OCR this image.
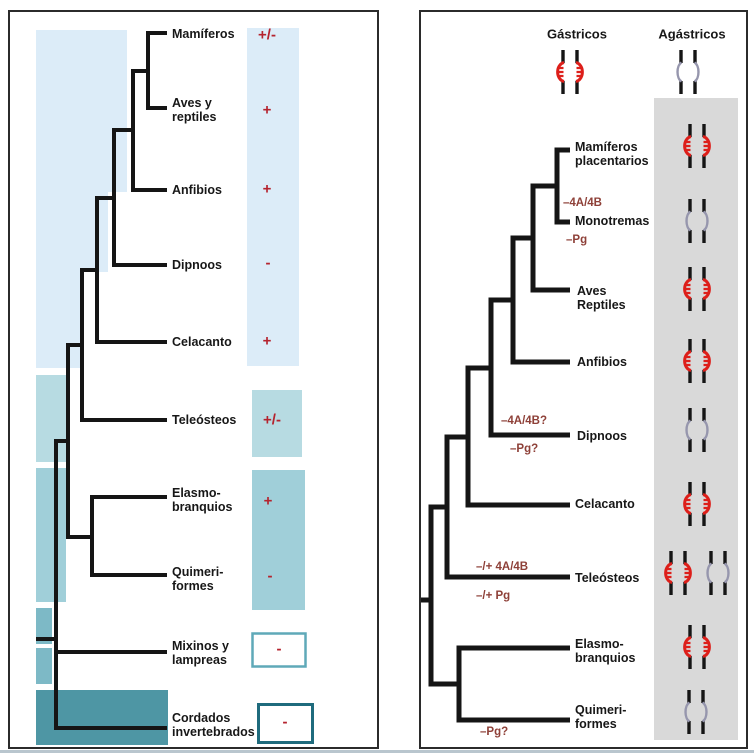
Mamíferos
Aves y reptiles
Anfibios
Dipnoos
Celacanto
Teleósteos
Elasmo-branquios
Quimeri-formes
Mixinos y lampreas
Cordados invertebrados
+/-
+
+
-
+
+/-
+
-
-
-
Gástricos	Agástricos
Mamíferos placentarios
Monotremas
Aves Reptiles
Anfibios
Dipnoos
Celacanto
Teleósteos
Elasmo-branquios
Quimeri-formes
–4A/4B
–Pg
–4A/4B?
–Pg?
–/+ 4A/4B
–/+ Pg
–Pg?
